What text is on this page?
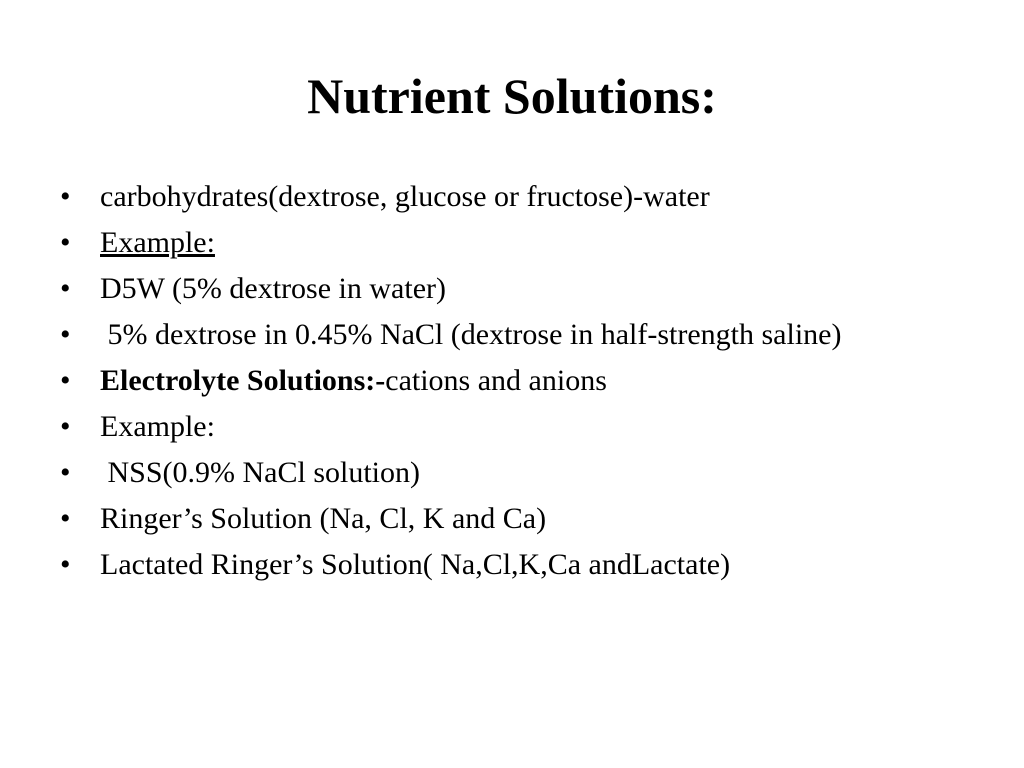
Nutrient Solutions:
• carbohydrates(dextrose, glucose or fructose)-water
• Example:
• D5W (5% dextrose in water)
• 5% dextrose in 0.45% NaCl (dextrose in half-strength saline)
• Electrolyte Solutions:-cations and anions
• Example:
• NSS(0.9% NaCl solution)
• Ringer’s Solution (Na, Cl, K and Ca)
• Lactated Ringer’s Solution( Na,Cl,K,Ca andLactate)
